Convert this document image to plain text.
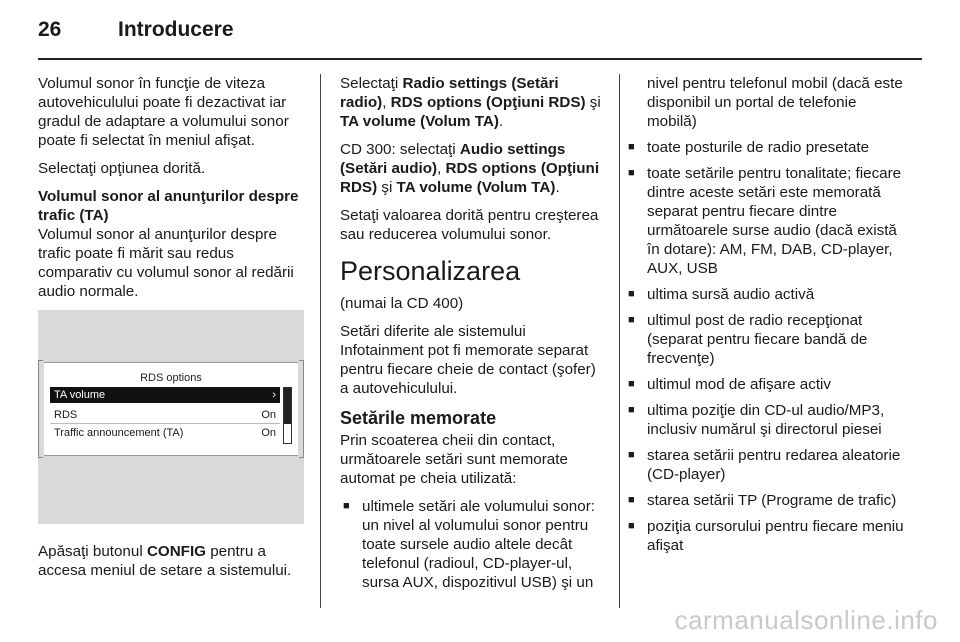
26	Introducere

Volumul sonor în funcţie de viteza autovehiculului poate fi dezactivat iar gradul de adaptare a volumului sonor poate fi selectat în meniul afişat.

Selectaţi opţiunea dorită.

Volumul sonor al anunţurilor despre trafic (TA)

Volumul sonor al anunţurilor despre trafic poate fi mărit sau redus comparativ cu volumul sonor al redării audio normale.

RDS options
TA volume	›
RDS	On
Traffic announcement (TA)	On

Apăsaţi butonul CONFIG pentru a accesa meniul de setare a sistemului.

Selectaţi Radio settings (Setări radio), RDS options (Opţiuni RDS) şi TA volume (Volum TA).

CD 300: selectaţi Audio settings (Setări audio), RDS options (Opţiuni RDS) şi TA volume (Volum TA).

Setaţi valoarea dorită pentru creşterea sau reducerea volumului sonor.

Personalizarea

(numai la CD 400)

Setări diferite ale sistemului Infotainment pot fi memorate separat pentru fiecare cheie de contact (şofer) a autovehiculului.

Setările memorate

Prin scoaterea cheii din contact, următoarele setări sunt memorate automat pe cheia utilizată:

■ ultimele setări ale volumului sonor: un nivel al volumului sonor pentru toate sursele audio altele decât telefonul (radioul, CD-player-ul, sursa AUX, dispozitivul USB) şi un
nivel pentru telefonul mobil (dacă este disponibil un portal de telefonie mobilă)
■ toate posturile de radio presetate
■ toate setările pentru tonalitate; fiecare dintre aceste setări este memorată separat pentru fiecare dintre următoarele surse audio (dacă există în dotare): AM, FM, DAB, CD-player, AUX, USB
■ ultima sursă audio activă
■ ultimul post de radio recepţionat (separat pentru fiecare bandă de frecvenţe)
■ ultimul mod de afişare activ
■ ultima poziţie din CD-ul audio/MP3, inclusiv numărul şi directorul piesei
■ starea setării pentru redarea aleatorie (CD-player)
■ starea setării TP (Programe de trafic)
■ poziţia cursorului pentru fiecare meniu afişat
carmanualsonline.info
